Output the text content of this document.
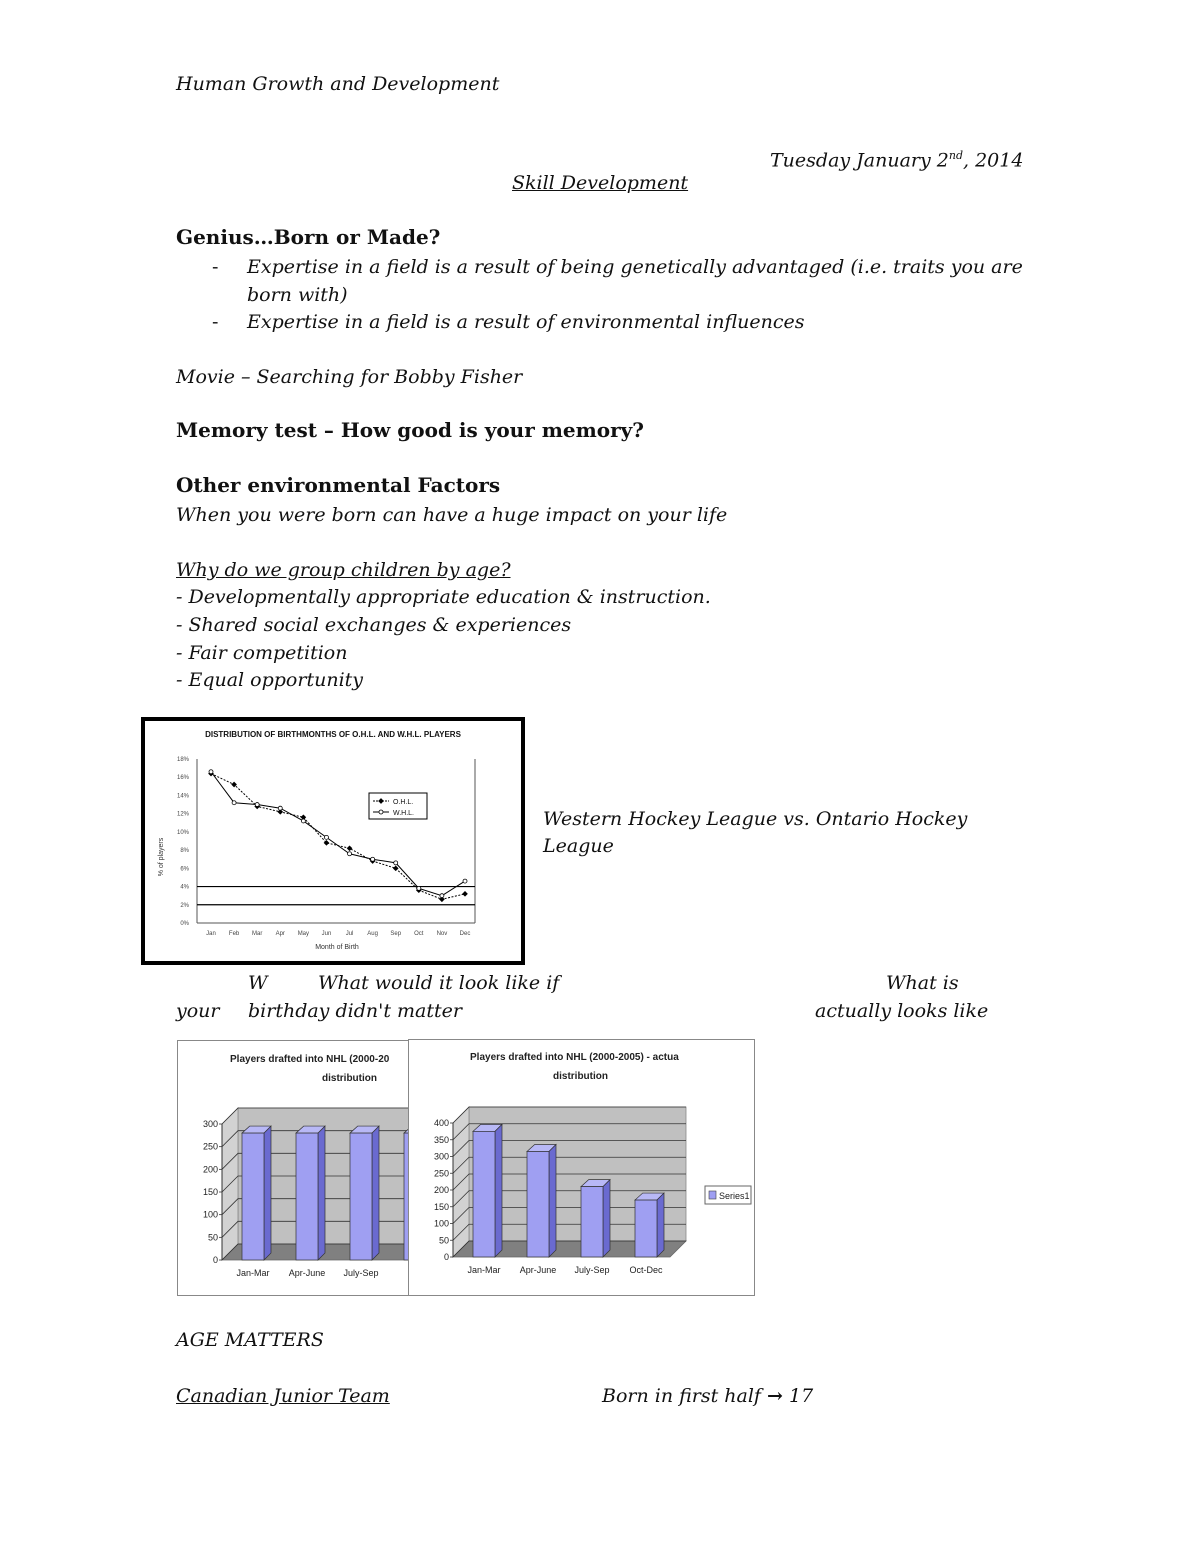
Human Growth and Development
Tuesday January 2nd, 2014
Skill Development
Genius…Born or Made?
- Expertise in a field is a result of being genetically advantaged (i.e. traits you are
born with)
- Expertise in a field is a result of environmental influences
Movie – Searching for Bobby Fisher
Memory test – How good is your memory?
Other environmental Factors
When you were born can have a huge impact on your life
Why do we group children by age?
- Developmentally appropriate education & instruction.
- Shared social exchanges & experiences
- Fair competition
- Equal opportunity
DISTRIBUTION OF BIRTHMONTHS OF O.H.L. AND W.H.L. PLAYERS
% of players
Month of Birth
0%
2%
4%
6%
8%
10%
12%
14%
16%
18%
Jan Feb Mar Apr May Jun Jul Aug Sep Oct Nov Dec
O.H.L.
W.H.L.	Western Hockey League vs. Ontario Hockey
League
W	What would it look like if
your birthday didn't matter
What is
actually looks like
Players drafted into NHL (2000-20
distribution
0
50
100
150
200
250
300
Jan-Mar Apr-June July-Sep
Players drafted into NHL (2000-2005) - actua
distribution
0
50
100
150
200
250
300
350
400
Jan-Mar Apr-June July-Sep Oct-Dec
Series1
AGE MATTERS
Canadian Junior Team	Born in first half → 17
